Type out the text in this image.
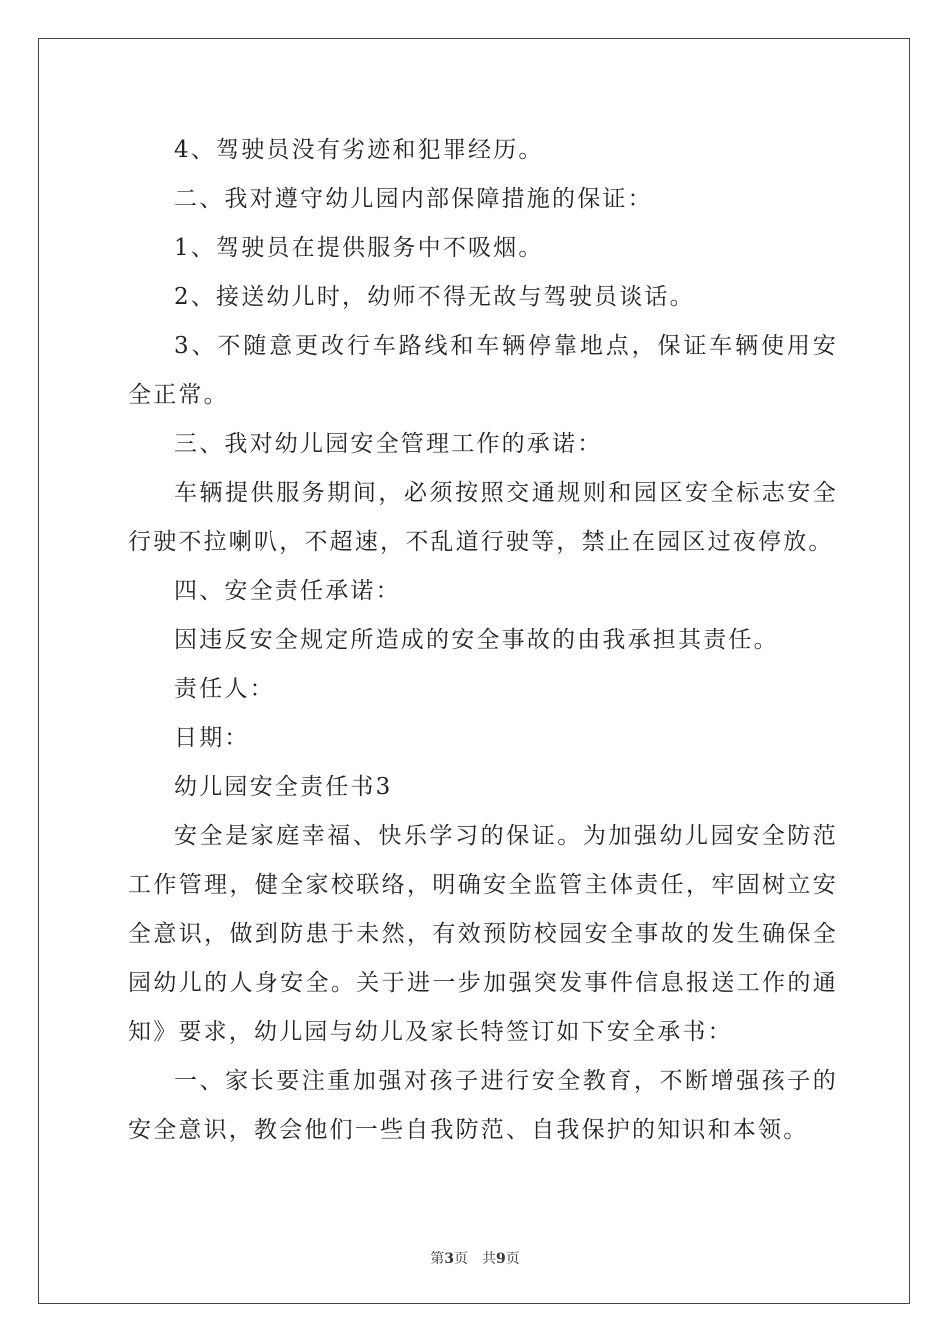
4、驾驶员没有劣迹和犯罪经历。

二、我对遵守幼儿园内部保障措施的保证：

1、驾驶员在提供服务中不吸烟。

2、接送幼儿时，幼师不得无故与驾驶员谈话。

3、不随意更改行车路线和车辆停靠地点，保证车辆使用安全正常。

三、我对幼儿园安全管理工作的承诺：

车辆提供服务期间，必须按照交通规则和园区安全标志安全行驶不拉喇叭，不超速，不乱道行驶等，禁止在园区过夜停放。

四、安全责任承诺：

因违反安全规定所造成的安全事故的由我承担其责任。

责任人：

日期：

幼儿园安全责任书3

安全是家庭幸福、快乐学习的保证。为加强幼儿园安全防范工作管理，健全家校联络，明确安全监管主体责任，牢固树立安全意识，做到防患于未然，有效预防校园安全事故的发生确保全园幼儿的人身安全。关于进一步加强突发事件信息报送工作的通知》要求，幼儿园与幼儿及家长特签订如下安全承书：

一、家长要注重加强对孩子进行安全教育，不断增强孩子的安全意识，教会他们一些自我防范、自我保护的知识和本领。

第3页　共9页
